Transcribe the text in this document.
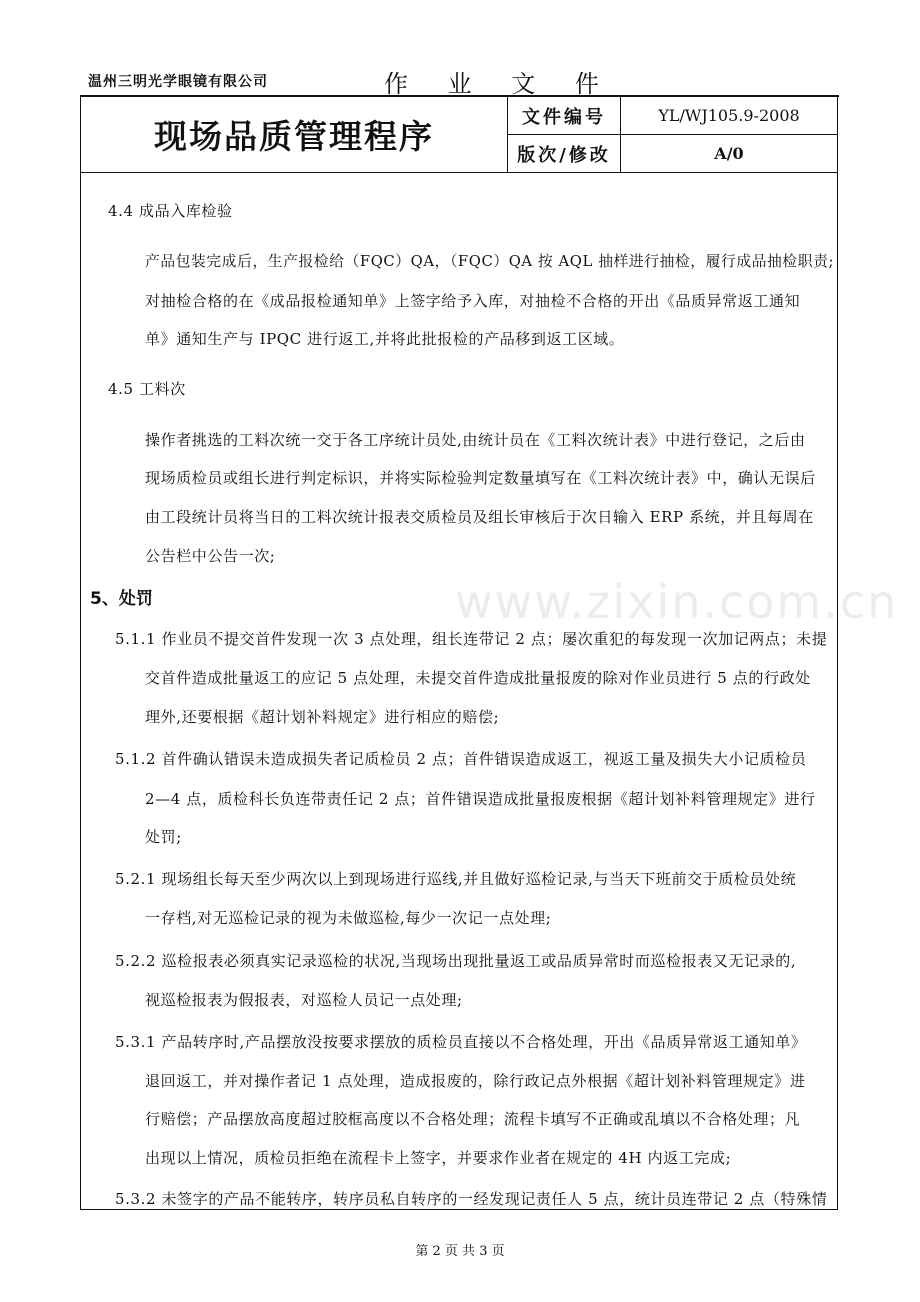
温州三明光学眼镜有限公司	作 业 文 件
现场品质管理程序	文件编号	YL/WJ105.9-2008
	版次/修改	A/0
www.zixin.com.cn
4.4 成品入库检验
产品包装完成后，生产报检给（FQC）QA，（FQC）QA 按 AQL 抽样进行抽检，履行成品抽检职责;
对抽检合格的在《成品报检通知单》上签字给予入库，对抽检不合格的开出《品质异常返工通知
单》通知生产与 IPQC 进行返工,并将此批报检的产品移到返工区域。
4.5 工料次
操作者挑选的工料次统一交于各工序统计员处,由统计员在《工料次统计表》中进行登记，之后由
现场质检员或组长进行判定标识，并将实际检验判定数量填写在《工料次统计表》中，确认无误后
由工段统计员将当日的工料次统计报表交质检员及组长审核后于次日输入 ERP 系统，并且每周在
公告栏中公告一次;
5、处罚
5.1.1 作业员不提交首件发现一次 3 点处理，组长连带记 2 点；屡次重犯的每发现一次加记两点；未提
交首件造成批量返工的应记 5 点处理，未提交首件造成批量报废的除对作业员进行 5 点的行政处
理外,还要根据《超计划补料规定》进行相应的赔偿;
5.1.2 首件确认错误未造成损失者记质检员 2 点；首件错误造成返工，视返工量及损失大小记质检员
2—4 点，质检科长负连带责任记 2 点；首件错误造成批量报废根据《超计划补料管理规定》进行
处罚;
5.2.1 现场组长每天至少两次以上到现场进行巡线,并且做好巡检记录,与当天下班前交于质检员处统
一存档,对无巡检记录的视为未做巡检,每少一次记一点处理;
5.2.2 巡检报表必须真实记录巡检的状况,当现场出现批量返工或品质异常时而巡检报表又无记录的,
视巡检报表为假报表，对巡检人员记一点处理;
5.3.1 产品转序时,产品摆放没按要求摆放的质检员直接以不合格处理，开出《品质异常返工通知单》
退回返工，并对操作者记 1 点处理，造成报废的，除行政记点外根据《超计划补料管理规定》进
行赔偿；产品摆放高度超过胶框高度以不合格处理；流程卡填写不正确或乱填以不合格处理；凡
出现以上情况，质检员拒绝在流程卡上签字，并要求作业者在规定的 4H 内返工完成;
5.3.2 未签字的产品不能转序，转序员私自转序的一经发现记责任人 5 点，统计员连带记 2 点（特殊情
第 2 页 共 3 页
